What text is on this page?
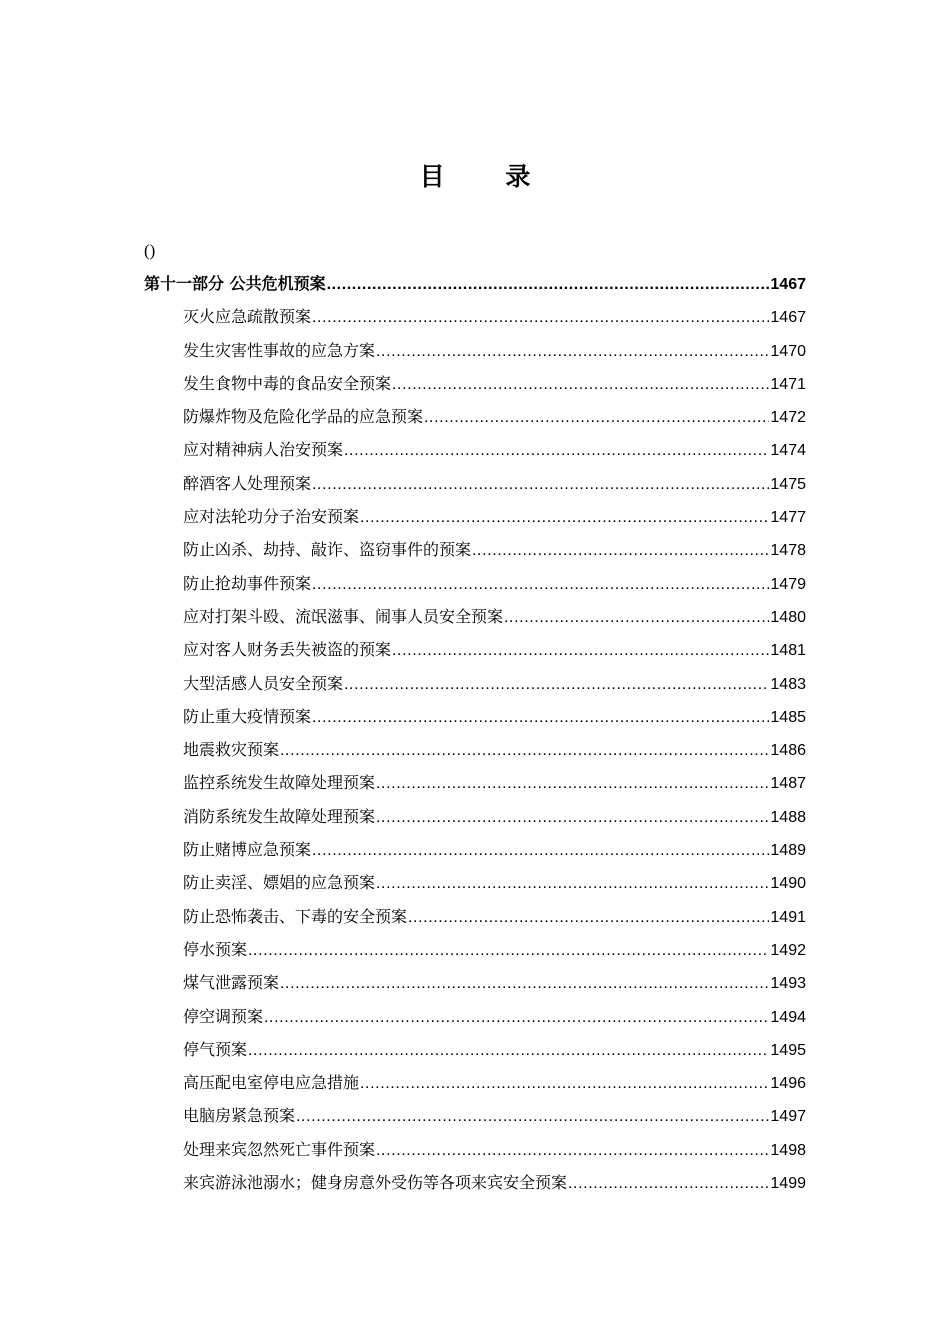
目 录
()
第十一部分 公共危机预案 .....	1467
灭火应急疏散预案 .....	1467
发生灾害性事故的应急方案 .....	1470
发生食物中毒的食品安全预案 .....	1471
防爆炸物及危险化学品的应急预案 .....	1472
应对精神病人治安预案 .....	1474
醉酒客人处理预案 .....	1475
应对法轮功分子治安预案 .....	1477
防止凶杀、劫持、敲诈、盗窃事件的预案 .....	1478
防止抢劫事件预案 .....	1479
应对打架斗殴、流氓滋事、闹事人员安全预案 .....	1480
应对客人财务丢失被盗的预案 .....	1481
大型活感人员安全预案 .....	1483
防止重大疫情预案 .....	1485
地震救灾预案 .....	1486
监控系统发生故障处理预案 .....	1487
消防系统发生故障处理预案 .....	1488
防止赌博应急预案 .....	1489
防止卖淫、嫖娼的应急预案 .....	1490
防止恐怖袭击、下毒的安全预案 .....	1491
停水预案 .....	1492
煤气泄露预案 .....	1493
停空调预案 .....	1494
停气预案 .....	1495
高压配电室停电应急措施 .....	1496
电脑房紧急预案 .....	1497
处理来宾忽然死亡事件预案 .....	1498
来宾游泳池溺水；健身房意外受伤等各项来宾安全预案 .....	1499
